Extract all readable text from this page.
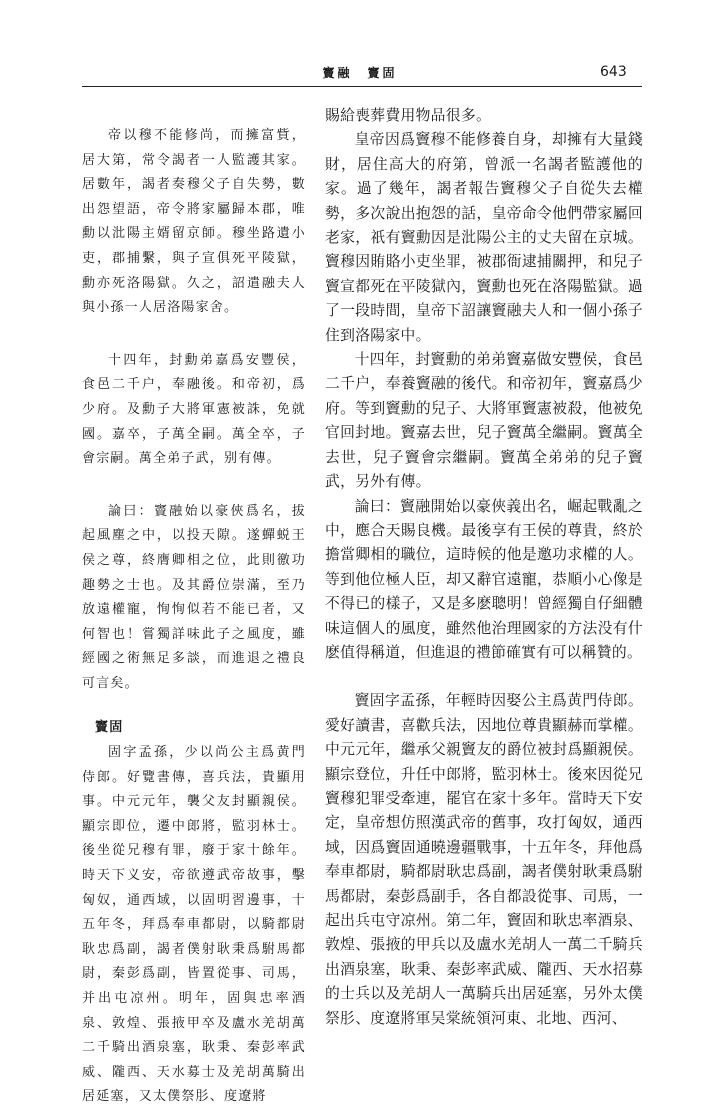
竇融　竇固	643

帝以穆不能修尚，而擁富貲，居大第，常令謁者一人監護其家。居數年，謁者奏穆父子自失勢，數出怨望語，帝令將家屬歸本郡，唯勳以沘陽主婿留京師。穆坐路遺小吏，郡捕繫，與子宣俱死平陵獄，勳亦死洛陽獄。久之，詔遣融夫人與小孫一人居洛陽家舍。

十四年，封勳弟嘉爲安豐侯，食邑二千户，奉融後。和帝初，爲少府。及勳子大將軍憲被誅，免就國。嘉卒，子萬全嗣。萬全卒，子會宗嗣。萬全弟子武，别有傳。

論曰：竇融始以豪俠爲名，拔起風塵之中，以投天隙。遂蟬蜕王侯之尊，終膺卿相之位，此則徼功趣勢之士也。及其爵位崇滿，至乃放遠權寵，恂恂似若不能已者，又何智也！嘗獨詳味此子之風度，雖經國之術無足多談，而進退之禮良可言矣。

竇固

固字孟孫，少以尚公主爲黄門侍郎。好覽書傳，喜兵法，貴顯用事。中元元年，襲父友封顯親侯。顯宗即位，遷中郎將，監羽林士。後坐從兄穆有罪，廢于家十餘年。時天下义安，帝欲遵武帝故事，擊匈奴，通西域，以固明習邊事，十五年冬，拜爲奉車都尉，以騎都尉耿忠爲副，謁者僕射耿秉爲駙馬都尉，秦彭爲副，皆置從事、司馬，并出屯凉州。明年，固與忠率酒泉、敦煌、張掖甲卒及盧水羌胡萬二千騎出酒泉塞，耿秉、秦彭率武威、隴西、天水募士及羌胡萬騎出居延塞，又太僕祭肜、度遼將

賜給喪葬費用物品很多。

皇帝因爲竇穆不能修養自身，却擁有大量錢財，居住高大的府第，曾派一名謁者監護他的家。過了幾年，謁者報告竇穆父子自從失去權勢，多次說出抱怨的話，皇帝命令他們帶家屬回老家，祇有竇勳因是沘陽公主的丈夫留在京城。竇穆因賄賂小吏坐罪，被郡衙逮捕關押，和兒子竇宣都死在平陵獄內，竇勳也死在洛陽監獄。過了一段時間，皇帝下詔讓竇融夫人和一個小孫子住到洛陽家中。

十四年，封竇勳的弟弟竇嘉做安豐侯，食邑二千户，奉養竇融的後代。和帝初年，竇嘉爲少府。等到竇勳的兒子、大將軍竇憲被殺，他被免官回封地。竇嘉去世，兒子竇萬全繼嗣。竇萬全去世，兒子竇會宗繼嗣。竇萬全弟弟的兒子竇武，另外有傳。

論曰：竇融開始以豪俠義出名，崛起戰亂之中，應合天賜良機。最後享有王侯的尊貴，終於擔當卿相的職位，這時候的他是邀功求權的人。等到他位極人臣，却又辭官遠寵，恭順小心像是不得已的樣子，又是多麽聰明！曾經獨自仔細體味這個人的風度，雖然他治理國家的方法没有什麽值得稱道，但進退的禮節確實有可以稱贊的。

竇固字孟孫，年輕時因娶公主爲黄門侍郎。愛好讀書，喜歡兵法，因地位尊貴顯赫而掌權。中元元年，繼承父親竇友的爵位被封爲顯親侯。顯宗登位，升任中郎將，監羽林士。後來因從兄竇穆犯罪受牽連，罷官在家十多年。當時天下安定，皇帝想仿照漢武帝的舊事，攻打匈奴，通西域，因爲竇固通曉邊疆戰事，十五年冬，拜他爲奉車都尉，騎都尉耿忠爲副，謁者僕射耿秉爲駙馬都尉，秦彭爲副手，各自都設從事、司馬，一起出兵屯守凉州。第二年，竇固和耿忠率酒泉、敦煌、張掖的甲兵以及盧水羌胡人一萬二千騎兵出酒泉塞，耿秉、秦彭率武威、隴西、天水招募的士兵以及羌胡人一萬騎兵出居延塞，另外太僕祭肜、度遼將軍吴棠統領河東、北地、西河、
